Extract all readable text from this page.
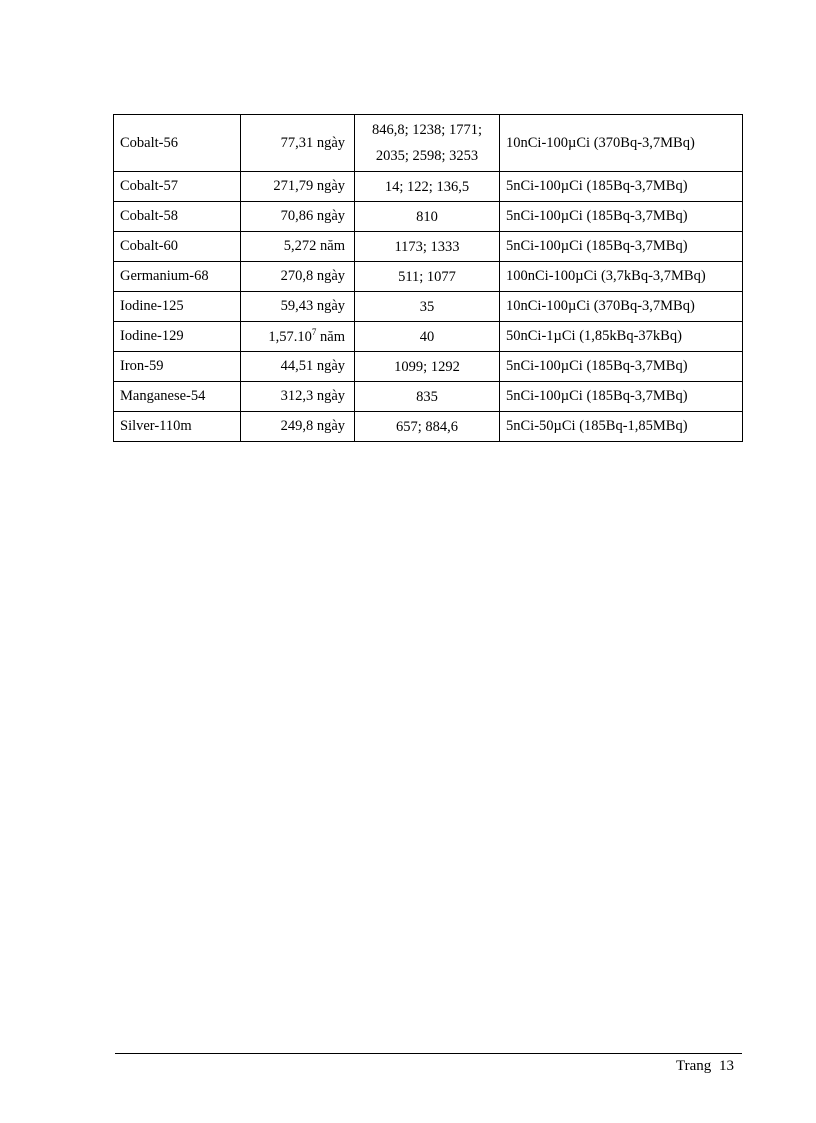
Cobalt-56	77,31 ngày	846,8; 1238; 1771; 2035; 2598; 3253	10nCi-100µCi (370Bq-3,7MBq)
Cobalt-57	271,79 ngày	14; 122; 136,5	5nCi-100µCi (185Bq-3,7MBq)
Cobalt-58	70,86 ngày	810	5nCi-100µCi (185Bq-3,7MBq)
Cobalt-60	5,272 năm	1173; 1333	5nCi-100µCi (185Bq-3,7MBq)
Germanium-68	270,8 ngày	511; 1077	100nCi-100µCi (3,7kBq-3,7MBq)
Iodine-125	59,43 ngày	35	10nCi-100µCi (370Bq-3,7MBq)
Iodine-129	1,57.10$^7$ năm	40	50nCi-1µCi (1,85kBq-37kBq)
Iron-59	44,51 ngày	1099; 1292	5nCi-100µCi (185Bq-3,7MBq)
Manganese-54	312,3 ngày	835	5nCi-100µCi (185Bq-3,7MBq)
Silver-110m	249,8 ngày	657; 884,6	5nCi-50µCi (185Bq-1,85MBq)
Trang 13
